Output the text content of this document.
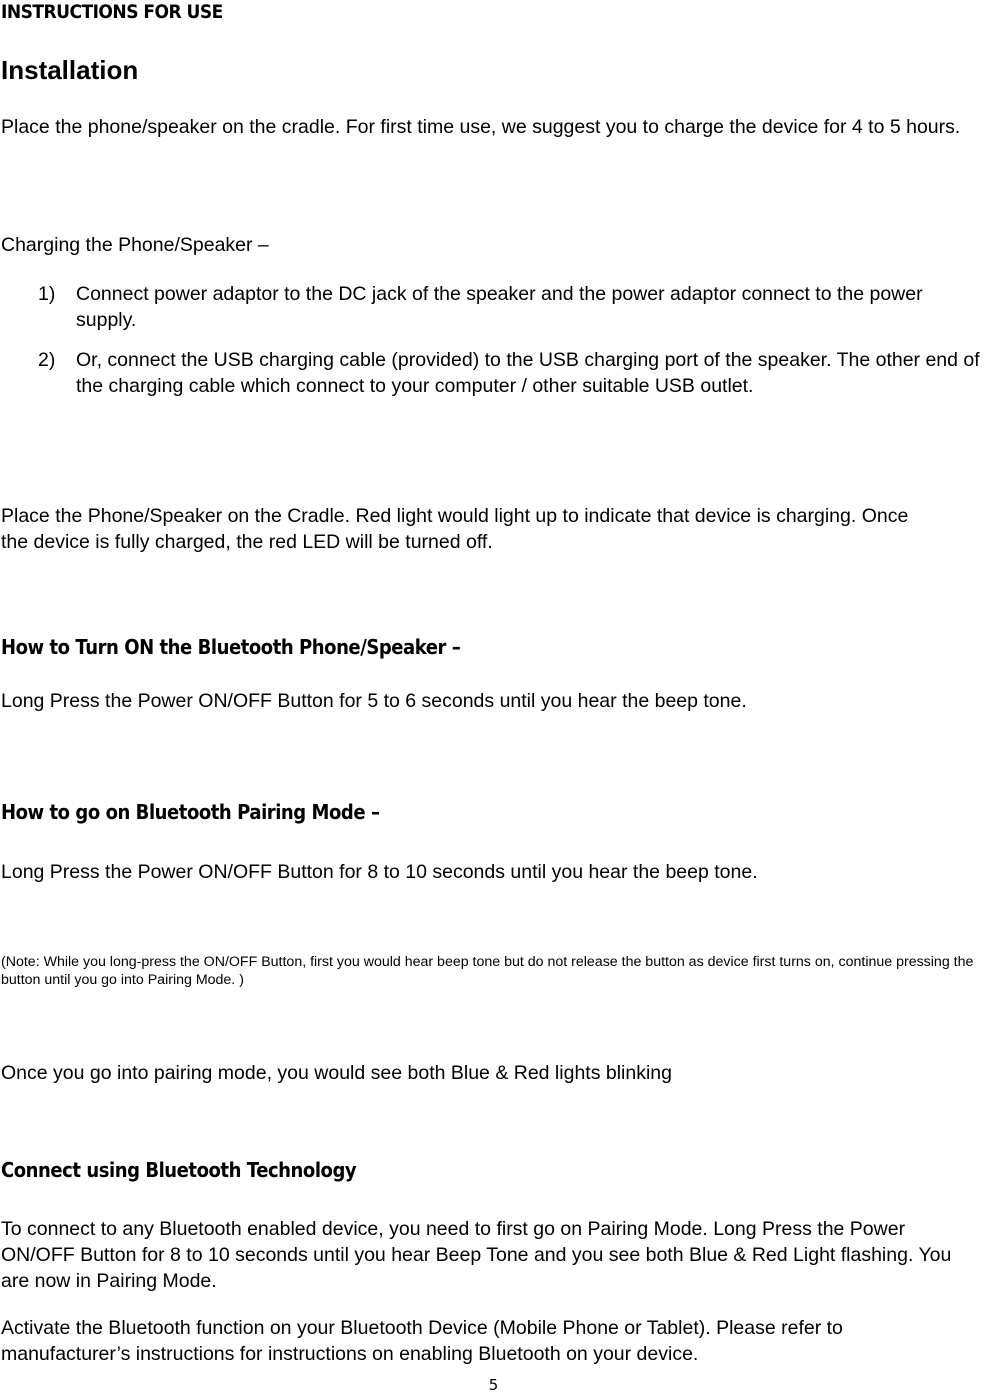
INSTRUCTIONS FOR USE
Installation

Place the phone/speaker on the cradle. For first time use, we suggest you to charge the device for 4 to 5 hours.

Charging the Phone/Speaker –

1) Connect power adaptor to the DC jack of the speaker and the power adaptor connect to the power supply.
2) Or, connect the USB charging cable (provided) to the USB charging port of the speaker. The other end of the charging cable which connect to your computer / other suitable USB outlet.

Place the Phone/Speaker on the Cradle. Red light would light up to indicate that device is charging. Once the device is fully charged, the red LED will be turned off.

How to Turn ON the Bluetooth Phone/Speaker –

Long Press the Power ON/OFF Button for 5 to 6 seconds until you hear the beep tone.

How to go on Bluetooth Pairing Mode –

Long Press the Power ON/OFF Button for 8 to 10 seconds until you hear the beep tone.

(Note: While you long-press the ON/OFF Button, first you would hear beep tone but do not release the button as device first turns on, continue pressing the button until you go into Pairing Mode. )

Once you go into pairing mode, you would see both Blue & Red lights blinking

Connect using Bluetooth Technology

To connect to any Bluetooth enabled device, you need to first go on Pairing Mode. Long Press the Power ON/OFF Button for 8 to 10 seconds until you hear Beep Tone and you see both Blue & Red Light flashing. You are now in Pairing Mode.

Activate the Bluetooth function on your Bluetooth Device (Mobile Phone or Tablet). Please refer to manufacturer’s instructions for instructions on enabling Bluetooth on your device.

5
